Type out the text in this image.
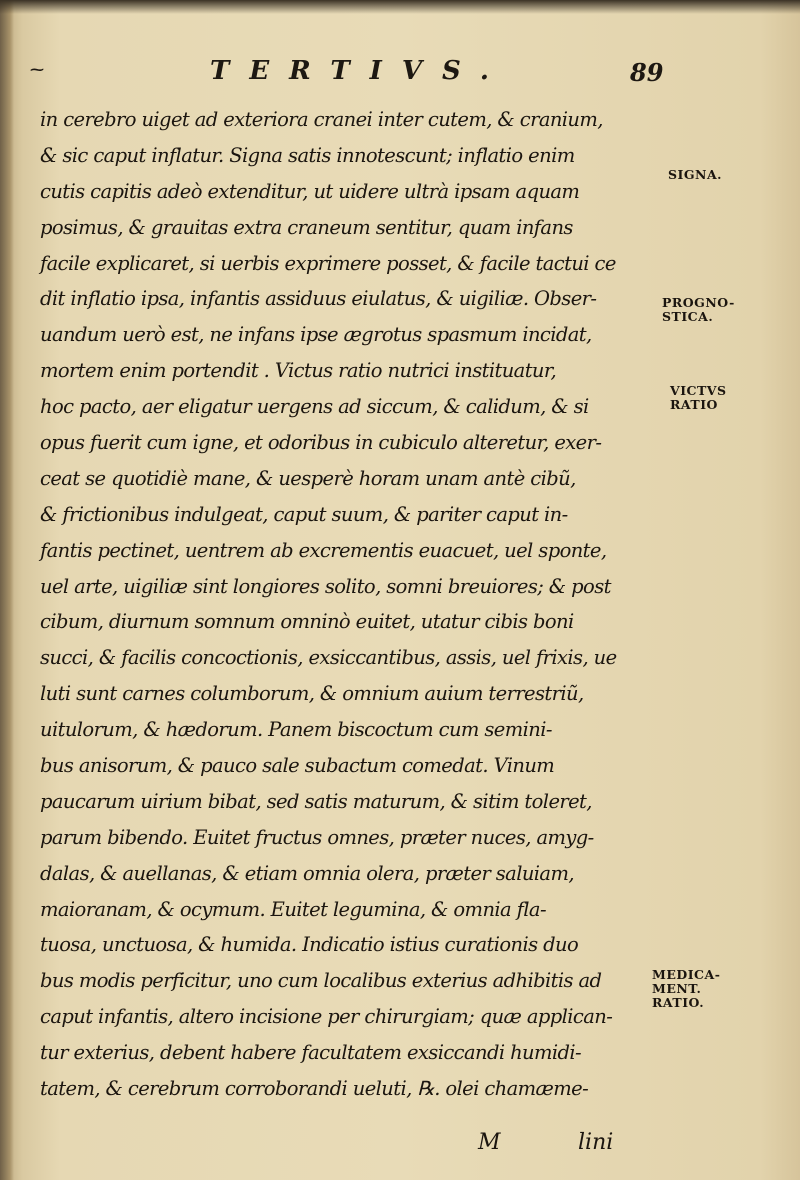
⁓	TERTIVS.	89
in cerebro uiget ad exteriora cranei inter cutem, & cranium,
& sic caput inflatur. Signa satis innotescunt; inflatio enim
cutis capitis adeò extenditur, ut uidere ultrà ipsam aquam
posimus, & grauitas extra craneum sentitur, quam infans
facile explicaret, si uerbis exprimere posset, & facile tactui ce
dit inflatio ipsa, infantis assiduus eiulatus, & uigiliæ. Obser-
uandum uerò est, ne infans ipse ægrotus spasmum incidat,
mortem enim portendit . Victus ratio nutrici instituatur,
hoc pacto, aer eligatur uergens ad siccum, & calidum, & si
opus fuerit cum igne, et odoribus in cubiculo alteretur, exer-
ceat se quotidiè mane, & uesperè horam unam antè cibũ,
& frictionibus indulgeat, caput suum, & pariter caput in-
fantis pectinet, uentrem ab excrementis euacuet, uel sponte,
uel arte, uigiliæ sint longiores solito, somni breuiores; & post
cibum, diurnum somnum omninò euitet, utatur cibis boni
succi, & facilis concoctionis, exsiccantibus, assis, uel frixis, ue
luti sunt carnes columborum, & omnium auium terrestriũ,
uitulorum, & hædorum. Panem biscoctum cum semini-
bus anisorum, & pauco sale subactum comedat. Vinum
paucarum uirium bibat, sed satis maturum, & sitim toleret,
parum bibendo. Euitet fructus omnes, præter nuces, amyg-
dalas, & auellanas, & etiam omnia olera, præter saluiam,
maioranam, & ocymum. Euitet legumina, & omnia fla-
tuosa, unctuosa, & humida. Indicatio istius curationis duo
bus modis perficitur, uno cum localibus exterius adhibitis ad
caput infantis, altero incisione per chirurgiam; quæ applican-
tur exterius, debent habere facultatem exsiccandi humidi-
tatem, & cerebrum corroborandi ueluti, ℞. olei chamæme-
M	lini
SIGNA.
PROGNO-
STICA.
VICTVS
RATIO
MEDICA-
MENT.
RATIO.
